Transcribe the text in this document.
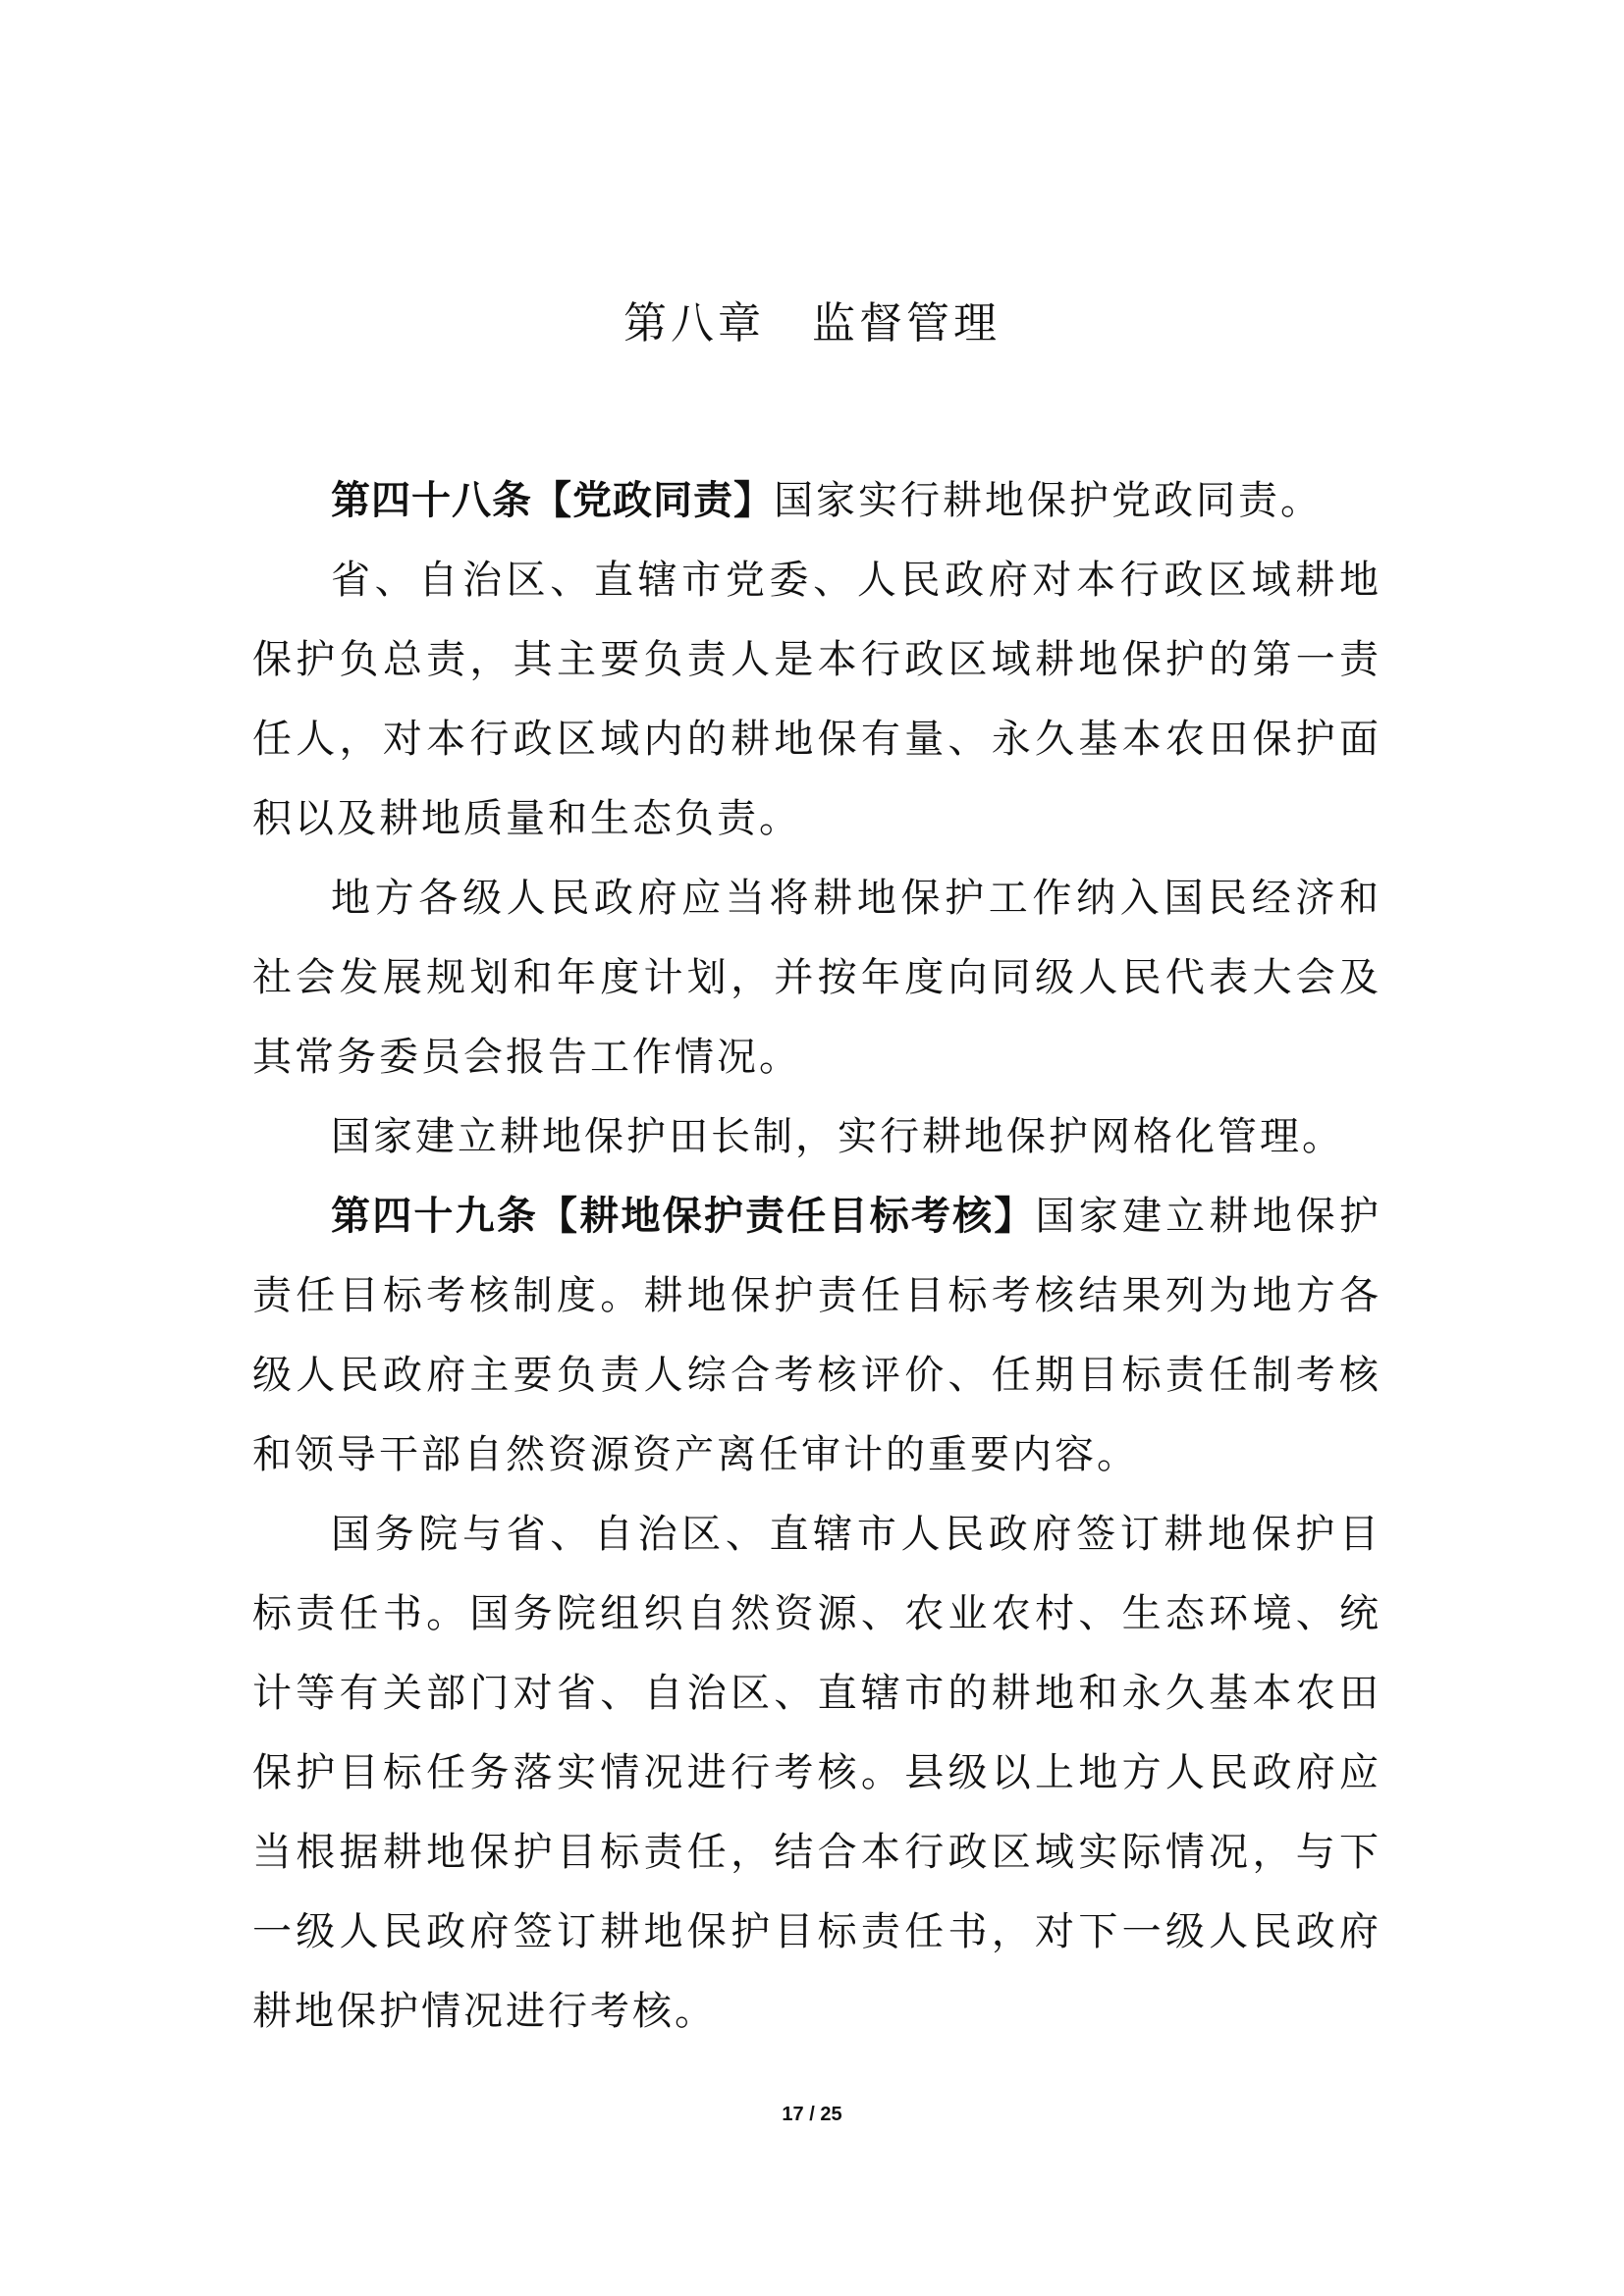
第八章　监督管理

第四十八条【党政同责】国家实行耕地保护党政同责。

省、自治区、直辖市党委、人民政府对本行政区域耕地保护负总责，其主要负责人是本行政区域耕地保护的第一责任人，对本行政区域内的耕地保有量、永久基本农田保护面积以及耕地质量和生态负责。

地方各级人民政府应当将耕地保护工作纳入国民经济和社会发展规划和年度计划，并按年度向同级人民代表大会及其常务委员会报告工作情况。

国家建立耕地保护田长制，实行耕地保护网格化管理。

第四十九条【耕地保护责任目标考核】国家建立耕地保护责任目标考核制度。耕地保护责任目标考核结果列为地方各级人民政府主要负责人综合考核评价、任期目标责任制考核和领导干部自然资源资产离任审计的重要内容。

国务院与省、自治区、直辖市人民政府签订耕地保护目标责任书。国务院组织自然资源、农业农村、生态环境、统计等有关部门对省、自治区、直辖市的耕地和永久基本农田保护目标任务落实情况进行考核。县级以上地方人民政府应当根据耕地保护目标责任，结合本行政区域实际情况，与下一级人民政府签订耕地保护目标责任书，对下一级人民政府耕地保护情况进行考核。

17 / 25
